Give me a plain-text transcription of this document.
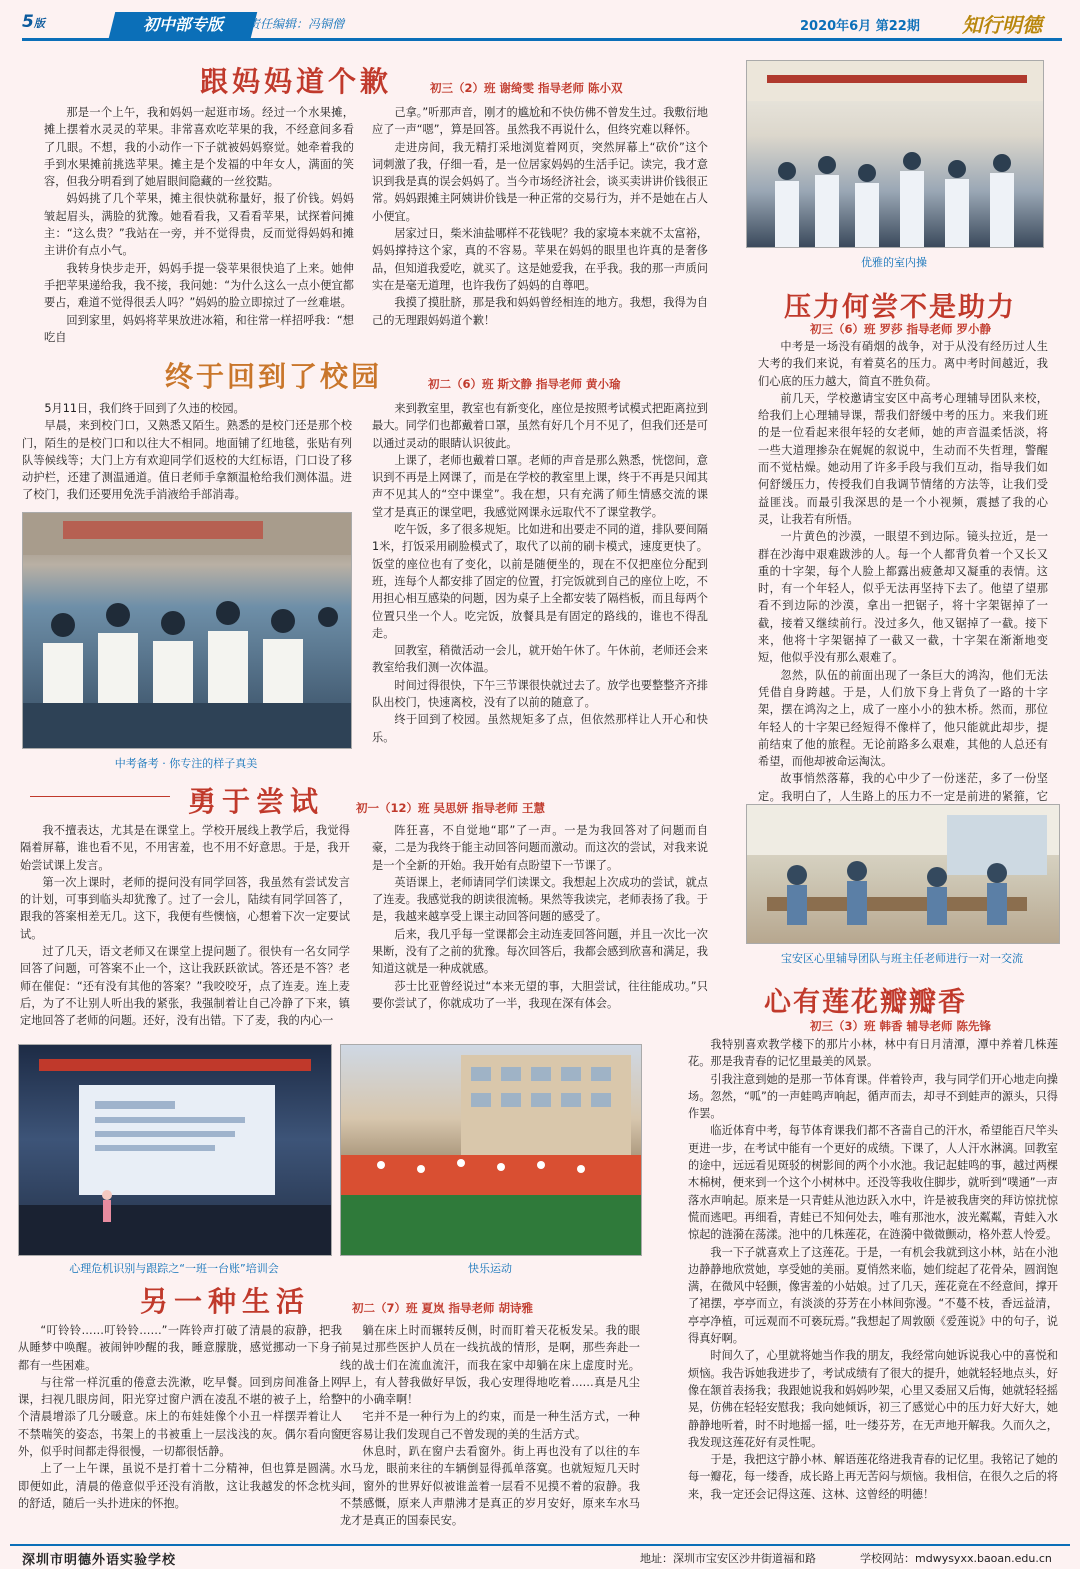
5版	初中部专版	责任编辑：冯铜僧	2020年6月 第22期 知行明德
跟妈妈道个歉	初三（2）班 谢绮雯 指导老师 陈小双

那是一个上午，我和妈妈一起逛市场。经过一个水果摊，摊上摆着水灵灵的苹果。非常喜欢吃苹果的我，不经意间多看了几眼。不想，我的小动作一下子就被妈妈察觉。她牵着我的手到水果摊前挑选苹果。摊主是个发福的中年女人，满面的笑容，但我分明看到了她眉眼间隐藏的一丝狡黠。

妈妈挑了几个苹果，摊主很快就称量好，报了价钱。妈妈皱起眉头，满脸的犹豫。她看看我，又看看苹果，试探着问摊主：“这么贵？”我站在一旁，并不觉得贵，反而觉得妈妈和摊主讲价有点小气。

我转身快步走开，妈妈手提一袋苹果很快追了上来。她伸手把苹果递给我，我不接，我问她：“为什么这么一点小便宜都要占，难道不觉得很丢人吗？”妈妈的脸立即掠过了一丝难堪。

回到家里，妈妈将苹果放进冰箱，和往常一样招呼我：“想吃自

己拿。”听那声音，刚才的尴尬和不快仿佛不曾发生过。我敷衍地应了一声“嗯”，算是回答。虽然我不再说什么，但终究难以释怀。

走进房间，我无精打采地浏览着网页，突然屏幕上“砍价”这个词刺激了我，仔细一看，是一位居家妈妈的生活手记。读完，我才意识到我是真的误会妈妈了。当今市场经济社会，谈买卖讲讲价钱很正常。妈妈跟摊主阿姨讲价钱是一种正常的交易行为，并不是她在占人小便宜。

居家过日，柴米油盐哪样不花钱呢？我的家境本来就不太富裕，妈妈撑持这个家，真的不容易。苹果在妈妈的眼里也许真的是奢侈品，但知道我爱吃，就买了。这是她爱我，在乎我。我的那一声质问实在是毫无道理，也许我伤了妈妈的自尊吧。

我摸了摸肚脐，那是我和妈妈曾经相连的地方。我想，我得为自己的无理跟妈妈道个歉！

优雅的室内操
终于回到了校园	初二（6）班 斯文静 指导老师 黄小瑜

5月11日，我们终于回到了久违的校园。

早晨，来到校门口，又熟悉又陌生。熟悉的是校门还是那个校门，陌生的是校门口和以往大不相同。地面铺了红地毯，张贴有列队等候线等；大门上方有欢迎同学们返校的大红标语，门口设了移动护栏，还建了测温通道。值日老师手拿额温枪给我们测体温。进了校门，我们还要用免洗手消液给手部消毒。

来到教室里，教室也有新变化，座位是按照考试模式把距离拉到最大。同学们也都戴着口罩，虽然有好几个月不见了，但我们还是可以通过灵动的眼睛认识彼此。

上课了，老师也戴着口罩。老师的声音是那么熟悉，恍惚间，意识到不再是上网课了，而是在学校的教室里上课，终于不再是只闻其声不见其人的“空中课堂”。我在想，只有充满了师生情感交流的课堂才是真正的课堂吧，我感觉网课永远取代不了课堂教学。

吃午饭，多了很多规矩。比如进和出要走不同的道，排队要间隔1米，打饭采用刷脸模式了，取代了以前的刷卡模式，速度更快了。饭堂的座位也有了变化，以前是随便坐的，现在不仅把座位分配到班，连每个人都安排了固定的位置，打完饭就到自己的座位上吃，不用担心相互感染的问题，因为桌子上全都安装了隔档板，而且每两个位置只坐一个人。吃完饭，放餐具是有固定的路线的，谁也不得乱走。

回教室，稍微活动一会儿，就开始午休了。午休前，老师还会来教室给我们测一次体温。

时间过得很快，下午三节课很快就过去了。放学也要整整齐齐排队出校门，快速离校，没有了以前的随意了。

终于回到了校园。虽然规矩多了点，但依然那样让人开心和快乐。

中考备考 · 你专注的样子真美
压力何尝不是助力
初三（6）班 罗莎 指导老师 罗小静

中考是一场没有硝烟的战争，对于从没有经历过人生大考的我们来说，有着莫名的压力。离中考时间越近，我们心底的压力越大，简直不胜负荷。

前几天，学校邀请宝安区中高考心理辅导团队来校，给我们上心理辅导课，帮我们舒缓中考的压力。来我们班的是一位看起来很年轻的女老师，她的声音温柔恬淡，将一些大道理掺杂在娓娓的叙说中，生动而不失哲理，警醒而不觉枯燥。她动用了许多手段与我们互动，指导我们如何舒缓压力，传授我们自我调节情绪的方法等，让我们受益匪浅。而最引我深思的是一个小视频，震撼了我的心灵，让我若有所悟。

一片黄色的沙漠，一眼望不到边际。镜头拉近，是一群在沙海中艰难跋涉的人。每一个人都背负着一个又长又重的十字架，每个人脸上都露出疲惫却又凝重的表情。这时，有一个年轻人，似乎无法再坚持下去了。他望了望那看不到边际的沙漠，拿出一把锯子，将十字架锯掉了一截，接着又继续前行。没过多久，他又锯掉了一截。接下来，他将十字架锯掉了一截又一截，十字架在渐渐地变短，他似乎没有那么艰难了。

忽然，队伍的前面出现了一条巨大的鸿沟，他们无法凭借自身跨越。于是，人们放下身上背负了一路的十字架，摆在鸿沟之上，成了一座小小的独木桥。然而，那位年轻人的十字架已经短得不像样了，他只能就此却步，提前结束了他的旅程。无论前路多么艰难，其他的人总还有希望，而他却被命运淘汰。

故事悄然落幕，我的心中少了一份迷茫，多了一份坚定。我明白了，人生路上的压力不一定是前进的紧箍，它

宝安区心里辅导团队与班主任老师进行一对一交流
勇于尝试	初一（12）班 吴思妍 指导老师 王慧

我不擅表达，尤其是在课堂上。学校开展线上教学后，我觉得隔着屏幕，谁也看不见，不用害羞，也不用不好意思。于是，我开始尝试课上发言。

第一次上课时，老师的提问没有同学回答，我虽然有尝试发言的计划，可事到临头却犹豫了。过了一会儿，陆续有同学回答了，跟我的答案相差无几。这下，我便有些懊恼，心想着下次一定要试试。

过了几天，语文老师又在课堂上提问题了。很快有一名女同学回答了问题，可答案不止一个，这让我跃跃欲试。答还是不答？老师在催促：“还有没有其他的答案？”我咬咬牙，点了连麦。连上麦后，为了不让别人听出我的紧张，我强制着让自己冷静了下来，镇定地回答了老师的问题。还好，没有出错。下了麦，我的内心一

阵狂喜，不自觉地“耶”了一声。一是为我回答对了问题而自豪，二是为我终于能主动回答问题而激动。而这次的尝试，对我来说是一个全新的开始。我开始有点盼望下一节课了。

英语课上，老师请同学们读课文。我想起上次成功的尝试，就点了连麦。我感觉我的朗读很流畅。果然等我读完，老师表扬了我。于是，我越来越享受上课主动回答问题的感受了。

后来，我几乎每一堂课都会主动连麦回答问题，并且一次比一次果断，没有了之前的犹豫。每次回答后，我都会感到欣喜和满足，我知道这就是一种成就感。

莎士比亚曾经说过“本来无望的事，大胆尝试，往往能成功。”只要你尝试了，你就成功了一半，我现在深有体会。

心理危机识别与跟踪之“一班一台账”培训会	快乐运动
另一种生活	初二（7）班 夏岚 指导老师 胡诗雅

“叮铃铃……叮铃铃……”一阵铃声打破了清晨的寂静，把我从睡梦中唤醒。被闹钟吵醒的我，睡意朦胧，感觉挪动一下身子都有一些困难。

与往常一样沉重的倦意去洗漱，吃早餐。回到房间准备上网课，扫视几眼房间，阳光穿过窗户洒在凌乱不堪的被子上，给整个清晨增添了几分暖意。床上的布娃娃像个小丑一样摆弄着让人不禁喘笑的姿态，书架上的书被重上一层浅浅的灰。偶尔看向窗外，似乎时间都走得很慢，一切都很恬静。

上了一上午课，虽说不是打着十二分精神，但也算是圆满。即便如此，清晨的倦意似乎还没有消散，这让我越发的怀念枕头的舒适，随后一头扑进床的怀抱。

躺在床上时而辗转反侧，时而盯着天花板发呆。我的眼前晃过那些医护人员在一线抗战的情形，是啊，那些奔赴一线的战士们在流血流汗，而我在家中却躺在床上虚度时光。早上，有人替我做好早饭，我心安理得地吃着……真是凡尘中的小确幸啊！

宅并不是一种行为上的约束，而是一种生活方式，一种更容易让我们发现自己不曾发现的美的生活方式。

休息时，趴在窗户去看窗外。街上再也没有了以往的车水马龙，眼前来往的车辆倒显得孤单落寞。也就短短几天时间，窗外的世界好似被谁盖着一层看不见摸不着的寂静。我不禁感慨，原来人声鼎沸才是真正的岁月安好，原来车水马龙才是真正的国泰民安。

心有莲花瓣瓣香
初三（3）班 韩香 辅导老师 陈先锋

我特别喜欢教学楼下的那片小林，林中有日月清潭，潭中养着几株莲花。那是我青春的记忆里最美的风景。

引我注意到她的是那一节体育课。伴着铃声，我与同学们开心地走向操场。忽然，“呱”的一声蛙鸣声响起，循声而去，却寻不到蛙声的源头，只得作罢。

临近体育中考，每节体育课我们都不吝啬自己的汗水，希望能百尺竿头更进一步，在考试中能有一个更好的成绩。下课了，人人汗水淋漓。回教室的途中，远远看见斑驳的树影间的两个小水池。我记起蛙鸣的事，越过两棵木棉树，便来到一个这个小树林中。还没等我收住脚步，就听到“噗通”一声落水声响起。原来是一只青蛙从池边跃入水中，许是被我唐突的拜访惊扰惊慌而逃吧。再细看，青蛙已不知何处去，唯有那池水，波光粼粼，青蛙入水惊起的涟漪在荡漾。池中的几株莲花，在涟漪中微微颤动，格外惹人怜爱。

我一下子就喜欢上了这莲花。于是，一有机会我就到这小林，站在小池边静静地欣赏她，享受她的美丽。夏悄然来临，她们绽起了花骨朵，圆润饱满，在微风中轻颤，像害羞的小姑娘。过了几天，莲花竟在不经意间，撑开了裙摆，亭亭而立，有淡淡的芬芳在小林间弥漫。“不蔓不枝，香远益清，亭亭净植，可远观而不可亵玩焉。”我想起了周敦颐《爱莲说》中的句子，说得真好啊。

时间久了，心里就将她当作我的朋友，我经常向她诉说我心中的喜悦和烦恼。我告诉她我进步了，考试成绩有了很大的提升，她就轻轻地点头，好像在颔首表扬我；我跟她说我和妈妈吵架，心里又委屈又后悔，她就轻轻摇晃，仿佛在轻轻安慰我；我向她倾诉，初三了感觉心中的压力好大好大，她静静地听着，时不时地摇一摇，吐一缕芬芳，在无声地开解我。久而久之，我发现这莲花好有灵性呢。

于是，我把这宁静小林、解语莲花络进我青春的记忆里。我铭记了她的每一瓣花，每一缕香，成长路上再无苦闷与烦恼。我相信，在很久之后的将来，我一定还会记得这莲、这林、这曾经的明德！

深圳市明德外语实验学校	地址：深圳市宝安区沙井街道福和路	学校网站：mdwysyxx.baoan.edu.cn
